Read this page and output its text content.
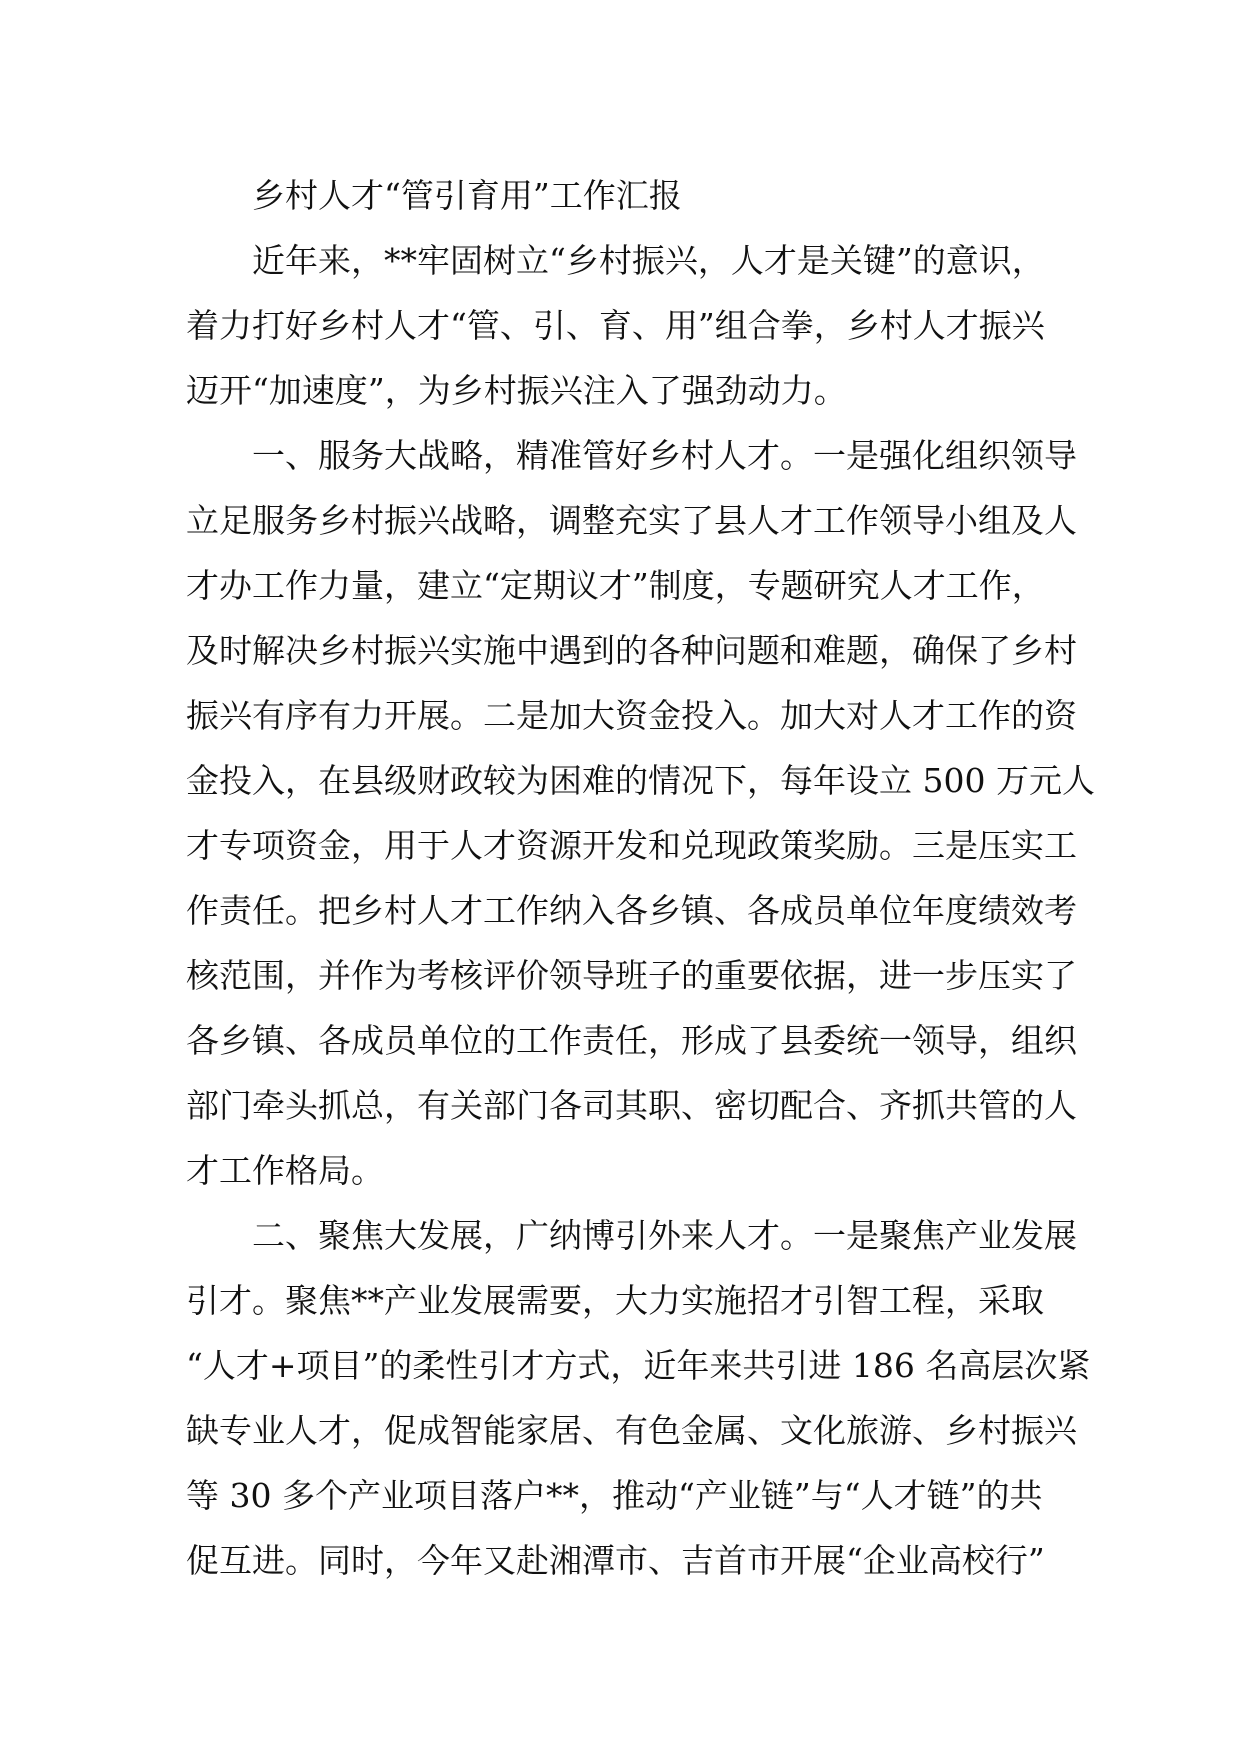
乡村人才“管引育用”工作汇报
近年来，**牢固树立“乡村振兴，人才是关键”的意识，
着力打好乡村人才“管、引、育、用”组合拳，乡村人才振兴
迈开“加速度”，为乡村振兴注入了强劲动力。
一、服务大战略，精准管好乡村人才。一是强化组织领导
立足服务乡村振兴战略，调整充实了县人才工作领导小组及人
才办工作力量，建立“定期议才”制度，专题研究人才工作，
及时解决乡村振兴实施中遇到的各种问题和难题，确保了乡村
振兴有序有力开展。二是加大资金投入。加大对人才工作的资
金投入，在县级财政较为困难的情况下，每年设立 500 万元人
才专项资金，用于人才资源开发和兑现政策奖励。三是压实工
作责任。把乡村人才工作纳入各乡镇、各成员单位年度绩效考
核范围，并作为考核评价领导班子的重要依据，进一步压实了
各乡镇、各成员单位的工作责任，形成了县委统一领导，组织
部门牵头抓总，有关部门各司其职、密切配合、齐抓共管的人
才工作格局。
二、聚焦大发展，广纳博引外来人才。一是聚焦产业发展
引才。聚焦**产业发展需要，大力实施招才引智工程，采取
“人才+项目”的柔性引才方式，近年来共引进 186 名高层次紧
缺专业人才，促成智能家居、有色金属、文化旅游、乡村振兴
等 30 多个产业项目落户**，推动“产业链”与“人才链”的共
促互进。同时，今年又赴湘潭市、吉首市开展“企业高校行”
